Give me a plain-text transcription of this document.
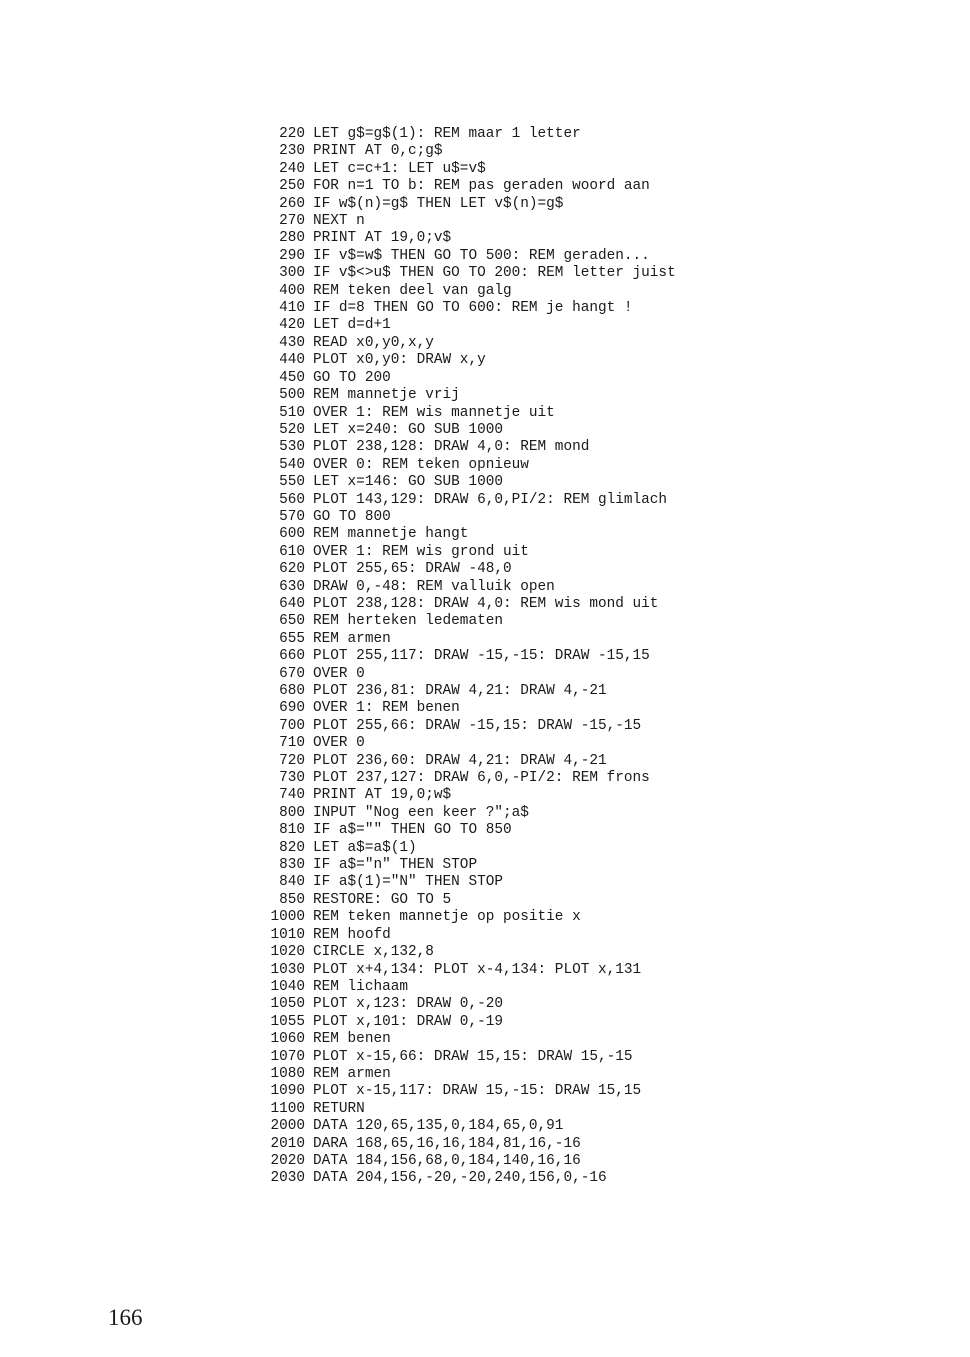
220 LET g$=g$(1): REM maar 1 letter
230 PRINT AT 0,c;g$
240 LET c=c+1: LET u$=v$
250 FOR n=1 TO b: REM pas geraden woord aan
260 IF w$(n)=g$ THEN LET v$(n)=g$
270 NEXT n
280 PRINT AT 19,0;v$
290 IF v$=w$ THEN GO TO 500: REM geraden...
300 IF v$<>u$ THEN GO TO 200: REM letter juist
400 REM teken deel van galg
410 IF d=8 THEN GO TO 600: REM je hangt !
420 LET d=d+1
430 READ x0,y0,x,y
440 PLOT x0,y0: DRAW x,y
450 GO TO 200
500 REM mannetje vrij
510 OVER 1: REM wis mannetje uit
520 LET x=240: GO SUB 1000
530 PLOT 238,128: DRAW 4,0: REM mond
540 OVER 0: REM teken opnieuw
550 LET x=146: GO SUB 1000
560 PLOT 143,129: DRAW 6,0,PI/2: REM glimlach
570 GO TO 800
600 REM mannetje hangt
610 OVER 1: REM wis grond uit
620 PLOT 255,65: DRAW -48,0
630 DRAW 0,-48: REM valluik open
640 PLOT 238,128: DRAW 4,0: REM wis mond uit
650 REM herteken ledematen
655 REM armen
660 PLOT 255,117: DRAW -15,-15: DRAW -15,15
670 OVER 0
680 PLOT 236,81: DRAW 4,21: DRAW 4,-21
690 OVER 1: REM benen
700 PLOT 255,66: DRAW -15,15: DRAW -15,-15
710 OVER 0
720 PLOT 236,60: DRAW 4,21: DRAW 4,-21
730 PLOT 237,127: DRAW 6,0,-PI/2: REM frons
740 PRINT AT 19,0;w$
800 INPUT "Nog een keer ?";a$
810 IF a$="" THEN GO TO 850
820 LET a$=a$(1)
830 IF a$="n" THEN STOP
840 IF a$(1)="N" THEN STOP
850 RESTORE: GO TO 5
1000 REM teken mannetje op positie x
1010 REM hoofd
1020 CIRCLE x,132,8
1030 PLOT x+4,134: PLOT x-4,134: PLOT x,131
1040 REM lichaam
1050 PLOT x,123: DRAW 0,-20
1055 PLOT x,101: DRAW 0,-19
1060 REM benen
1070 PLOT x-15,66: DRAW 15,15: DRAW 15,-15
1080 REM armen
1090 PLOT x-15,117: DRAW 15,-15: DRAW 15,15
1100 RETURN
2000 DATA 120,65,135,0,184,65,0,91
2010 DARA 168,65,16,16,184,81,16,-16
2020 DATA 184,156,68,0,184,140,16,16
2030 DATA 204,156,-20,-20,240,156,0,-16
166
